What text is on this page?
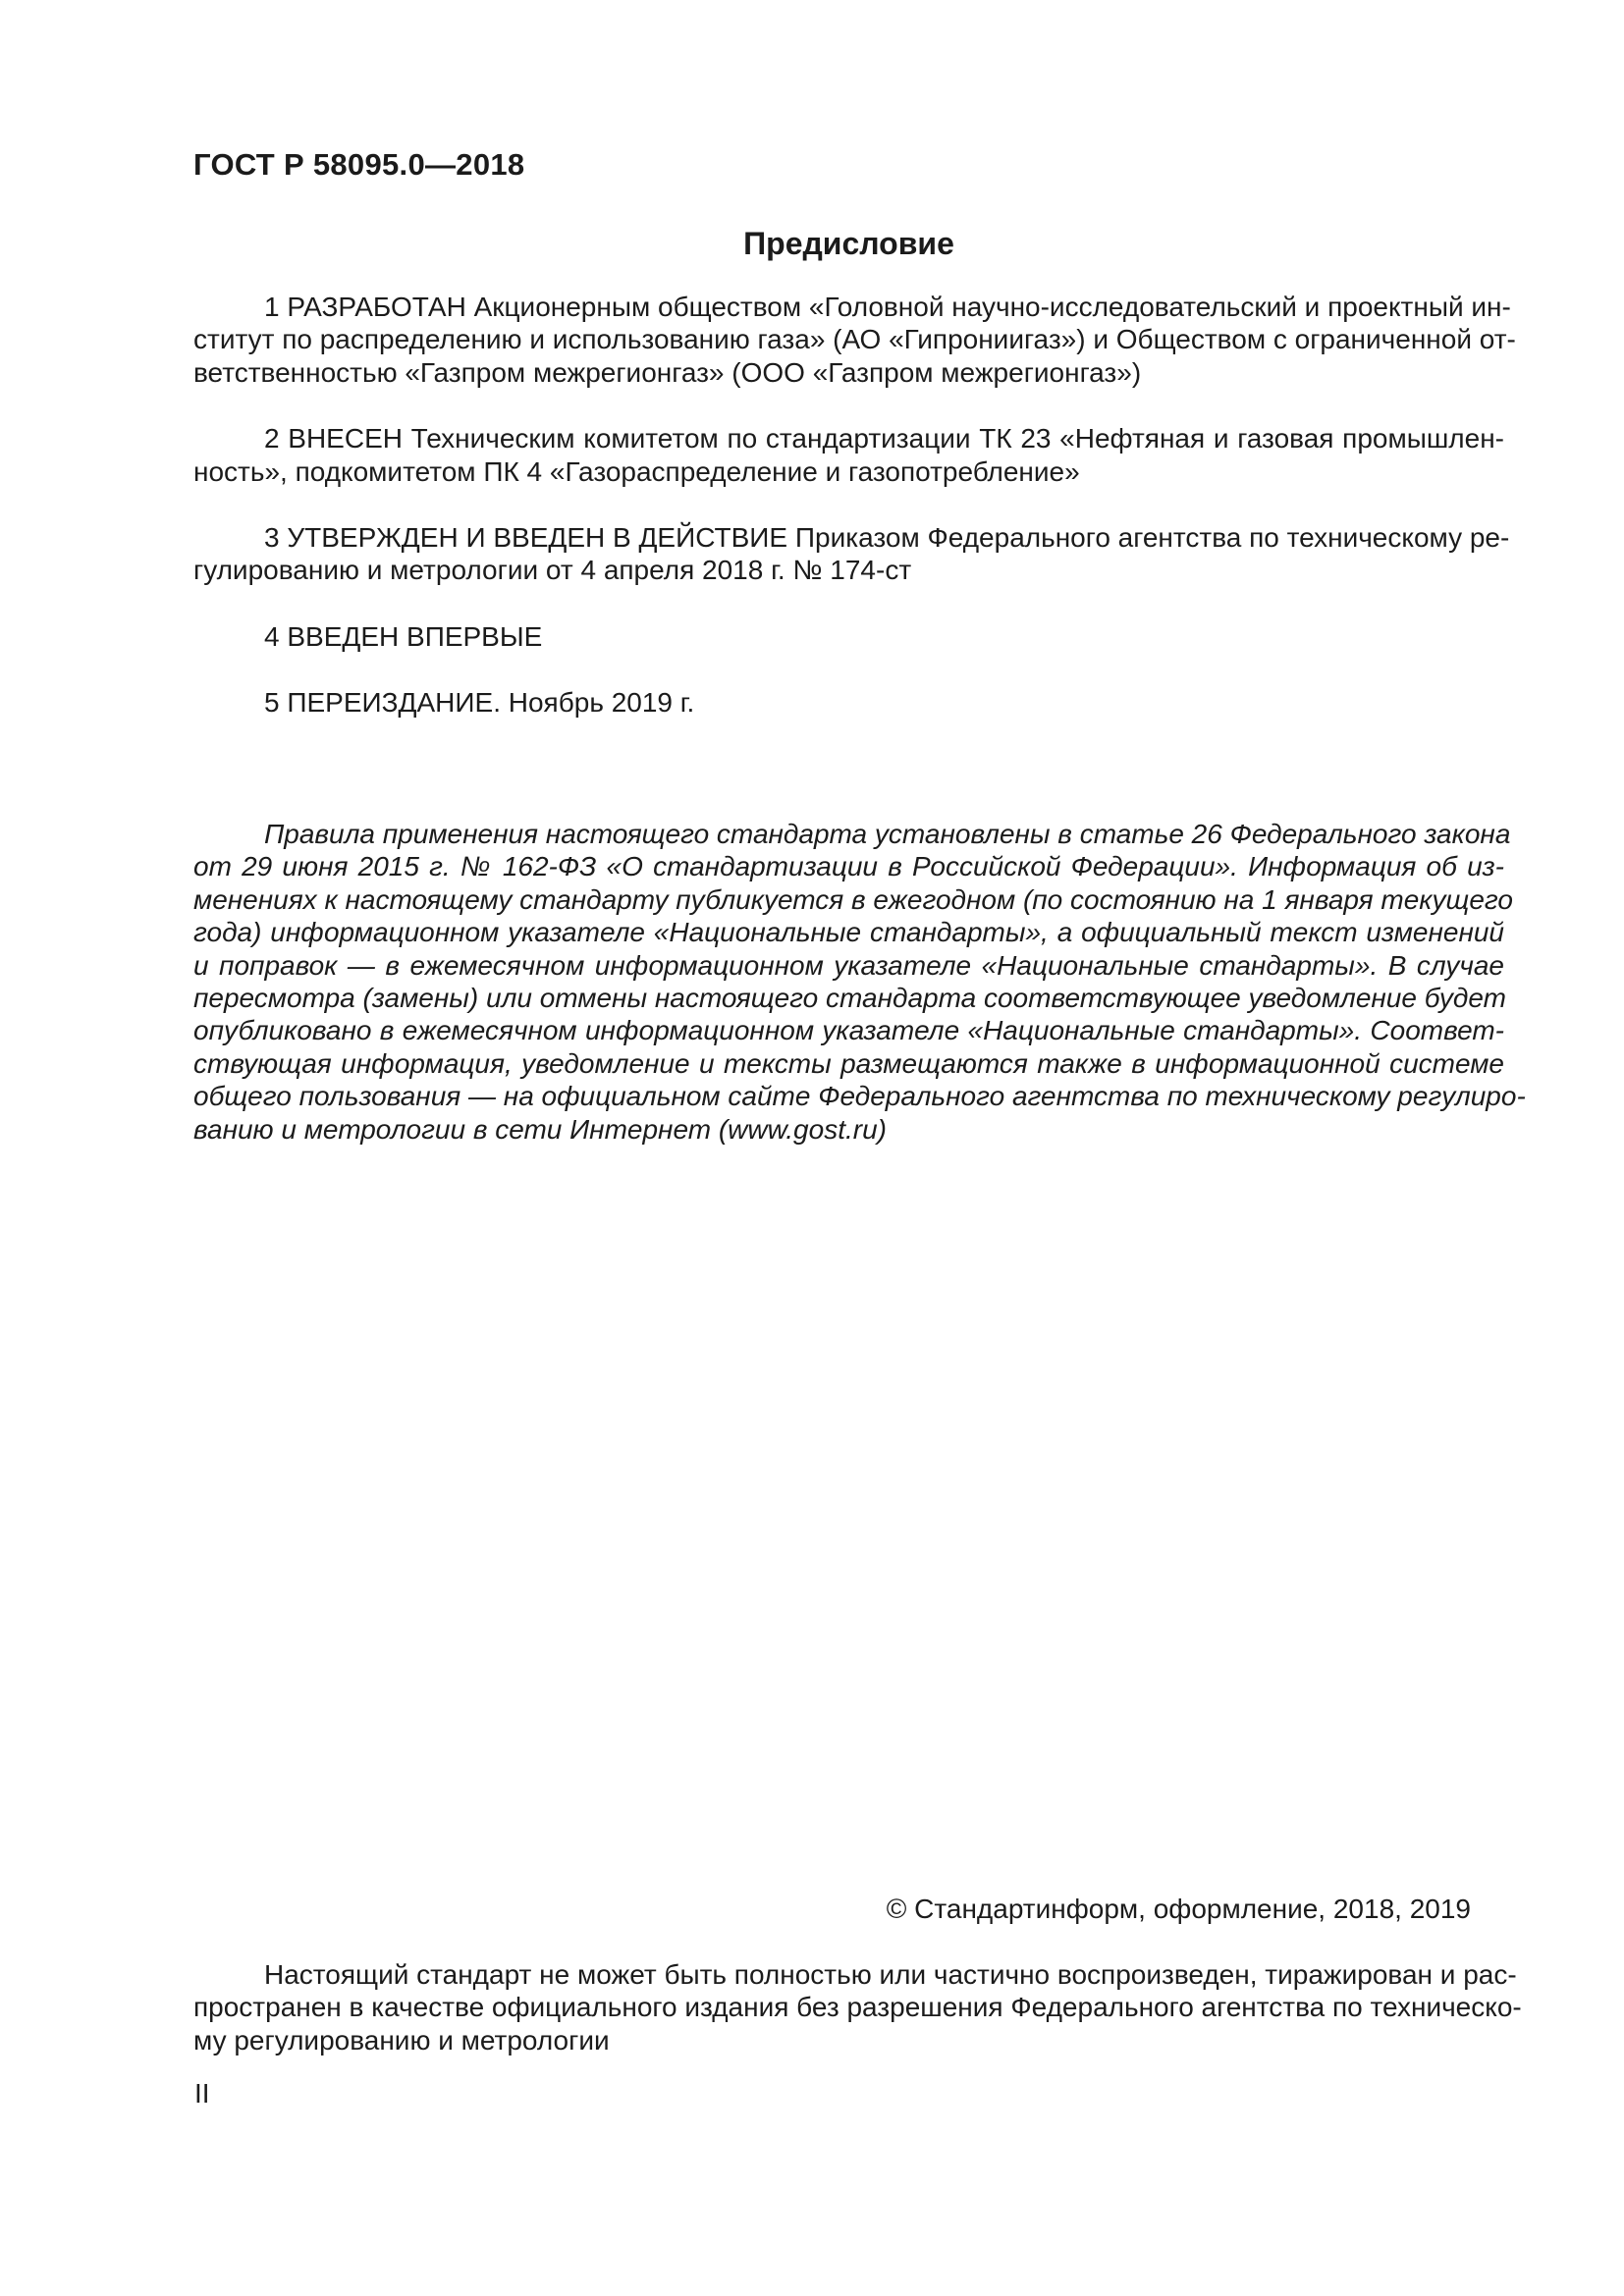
ГОСТ Р 58095.0—2018
Предисловие
1 РАЗРАБОТАН Акционерным обществом «Головной научно-исследовательский и проектный ин-
ститут по распределению и использованию газа» (АО «Гипрониигаз») и Обществом с ограниченной от-
ветственностью «Газпром межрегионгаз» (ООО «Газпром межрегионгаз»)
2 ВНЕСЕН Техническим комитетом по стандартизации ТК 23 «Нефтяная и газовая промышлен-
ность», подкомитетом ПК 4 «Газораспределение и газопотребление»
3 УТВЕРЖДЕН И ВВЕДЕН В ДЕЙСТВИЕ Приказом Федерального агентства по техническому ре-
гулированию и метрологии от 4 апреля 2018 г. № 174-ст
4 ВВЕДЕН ВПЕРВЫЕ
5 ПЕРЕИЗДАНИЕ. Ноябрь 2019 г.
Правила применения настоящего стандарта установлены в статье 26 Федерального закона
от 29 июня 2015 г. № 162-ФЗ «О стандартизации в Российской Федерации». Информация об из-
менениях к настоящему стандарту публикуется в ежегодном (по состоянию на 1 января текущего
года) информационном указателе «Национальные стандарты», а официальный текст изменений
и поправок — в ежемесячном информационном указателе «Национальные стандарты». В случае
пересмотра (замены) или отмены настоящего стандарта соответствующее уведомление будет
опубликовано в ежемесячном информационном указателе «Национальные стандарты». Соответ-
ствующая информация, уведомление и тексты размещаются также в информационной системе
общего пользования — на официальном сайте Федерального агентства по техническому регулиро-
ванию и метрологии в сети Интернет (www.gost.ru)
© Стандартинформ, оформление, 2018, 2019
Настоящий стандарт не может быть полностью или частично воспроизведен, тиражирован и рас-
пространен в качестве официального издания без разрешения Федерального агентства по техническо-
му регулированию и метрологии
II
